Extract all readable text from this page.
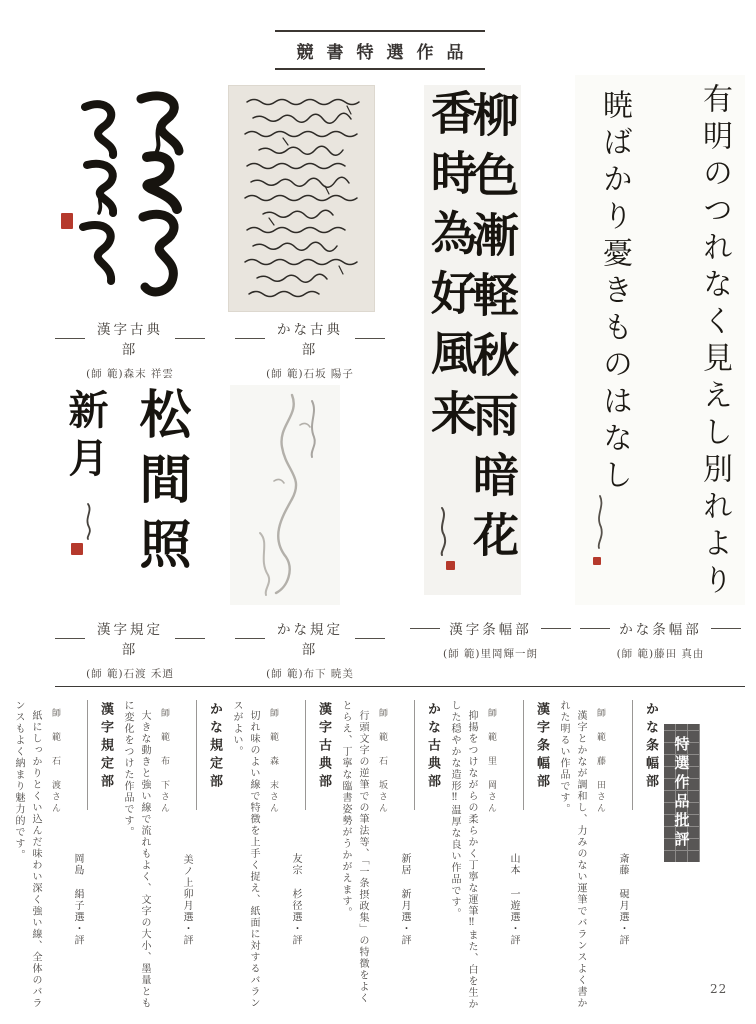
競書特選作品
柳色漸軽秋雨暗花
香時為好風来	有明のつれなく見えし別れより
暁ばかり憂きものはなし
漢字古典部
(師 範)森末 祥雲
かな古典部
(師 範)石坂 陽子
松間照
新月
漢字規定部
(師 範)石渡 禾逎
かな規定部
(師 範)布下 暁美
漢字条幅部
(師 範)里岡輝一朗
かな条幅部
(師 範)藤田 真由
特選作品批評
かな条幅部

斎藤 硯月選・評

師 範 藤 田さん

漢字とかなが調和し、力みのない運筆でバランスよく書かれた明るい作品です。

漢字条幅部

山本 一遊選・評

師 範 里 岡さん

抑揚をつけながらの柔らかく丁寧な運筆‼また、白を生かした穏やかな造形‼温厚な良い作品です。

かな古典部

新居 新月選・評

師 範 石 坂さん

行頭文字の逆筆での筆法等、「一条摂政集」の特徴をよくとらえ、丁寧な臨書姿勢がうかがえます。

漢字古典部

友宗 杉径選・評

師 範 森 末さん

切れ味のよい線で特徴を上手く捉え、紙面に対するバランスがよい。

かな規定部

美ノ上卯月選・評

師 範 布 下さん

大きな動きと強い線で流れもよく、文字の大小、墨量ともに変化をつけた作品です。

漢字規定部

岡島 絹子選・評

師 範 石 渡さん

紙にしっかりとくい込んだ味わい深く強い線、全体のバランスもよく納まり魅力的です。

22
